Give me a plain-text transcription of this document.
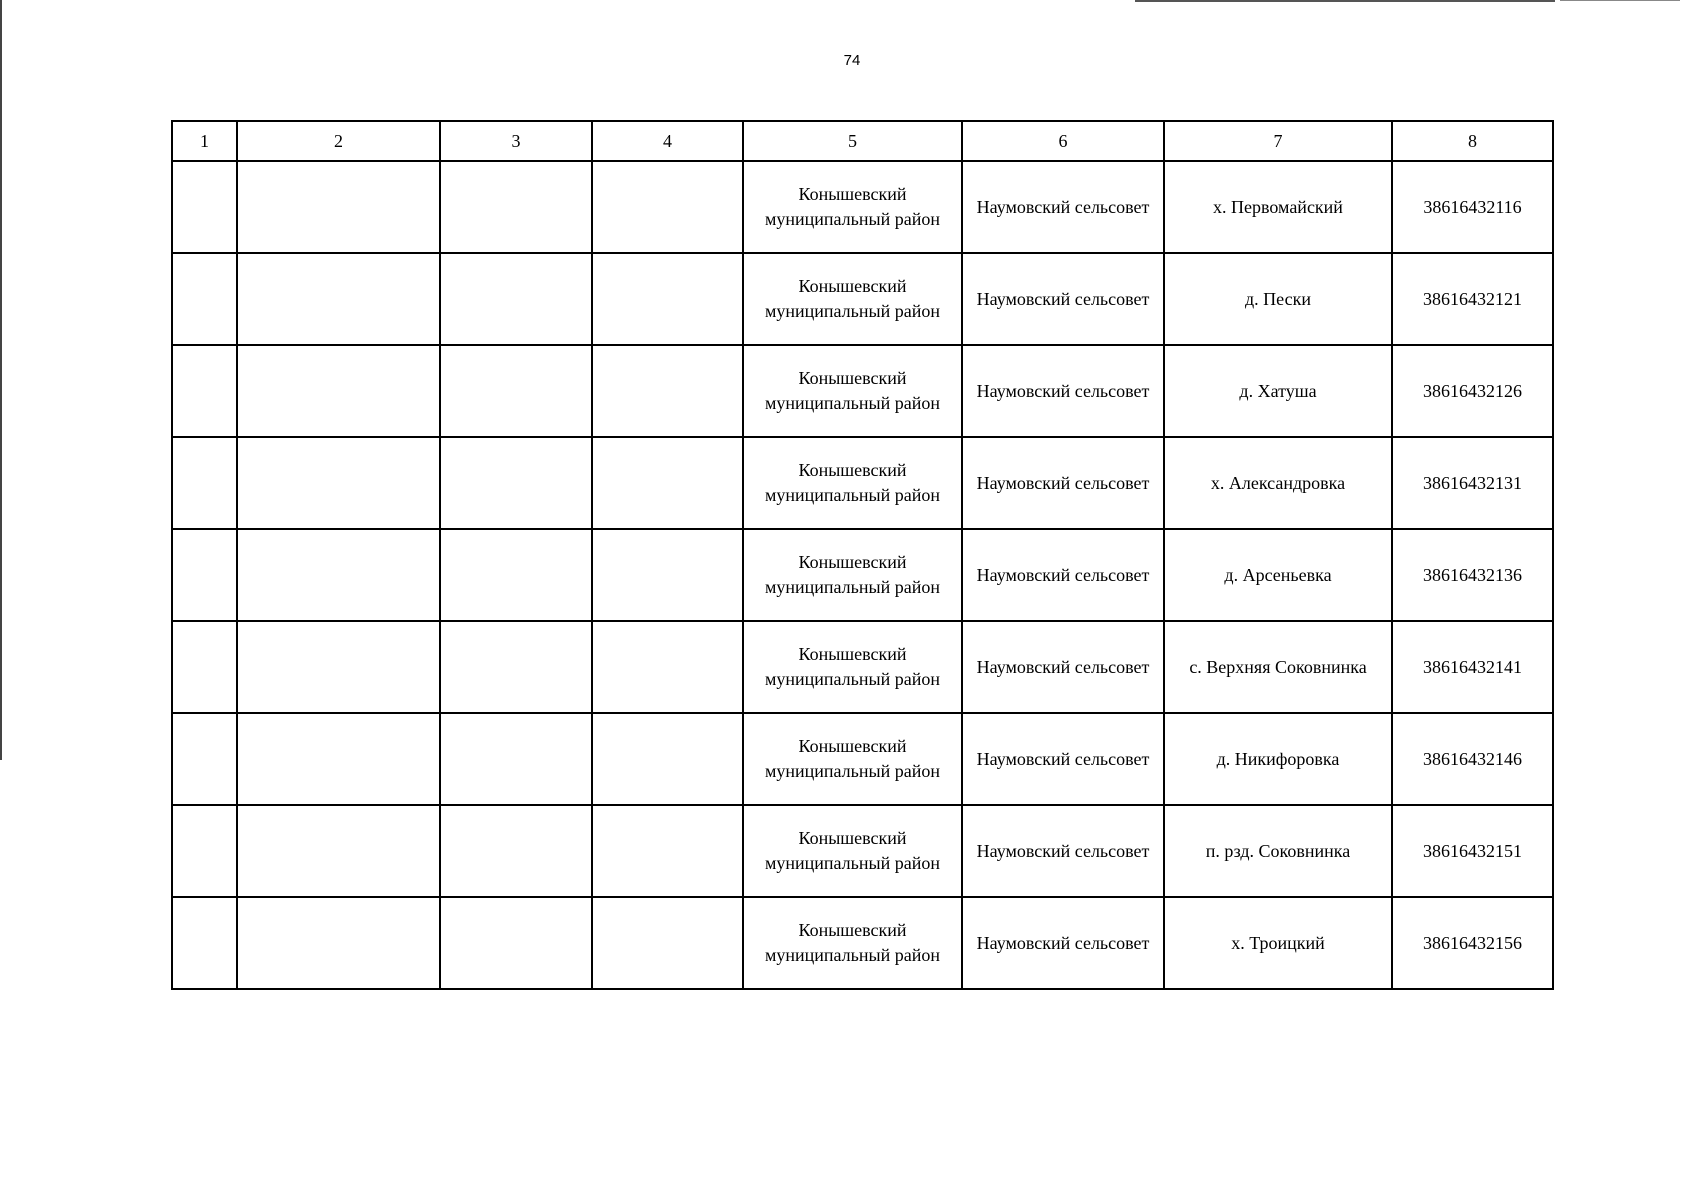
74
1	2	3	4	5	6	7	8
				Конышевский
муниципальный район	Наумовский сельсовет	х. Первомайский	38616432116
				Конышевский
муниципальный район	Наумовский сельсовет	д. Пески	38616432121
				Конышевский
муниципальный район	Наумовский сельсовет	д. Хатуша	38616432126
				Конышевский
муниципальный район	Наумовский сельсовет	х. Александровка	38616432131
				Конышевский
муниципальный район	Наумовский сельсовет	д. Арсеньевка	38616432136
				Конышевский
муниципальный район	Наумовский сельсовет	с. Верхняя Соковнинка	38616432141
				Конышевский
муниципальный район	Наумовский сельсовет	д. Никифоровка	38616432146
				Конышевский
муниципальный район	Наумовский сельсовет	п. рзд. Соковнинка	38616432151
				Конышевский
муниципальный район	Наумовский сельсовет	х. Троицкий	38616432156
